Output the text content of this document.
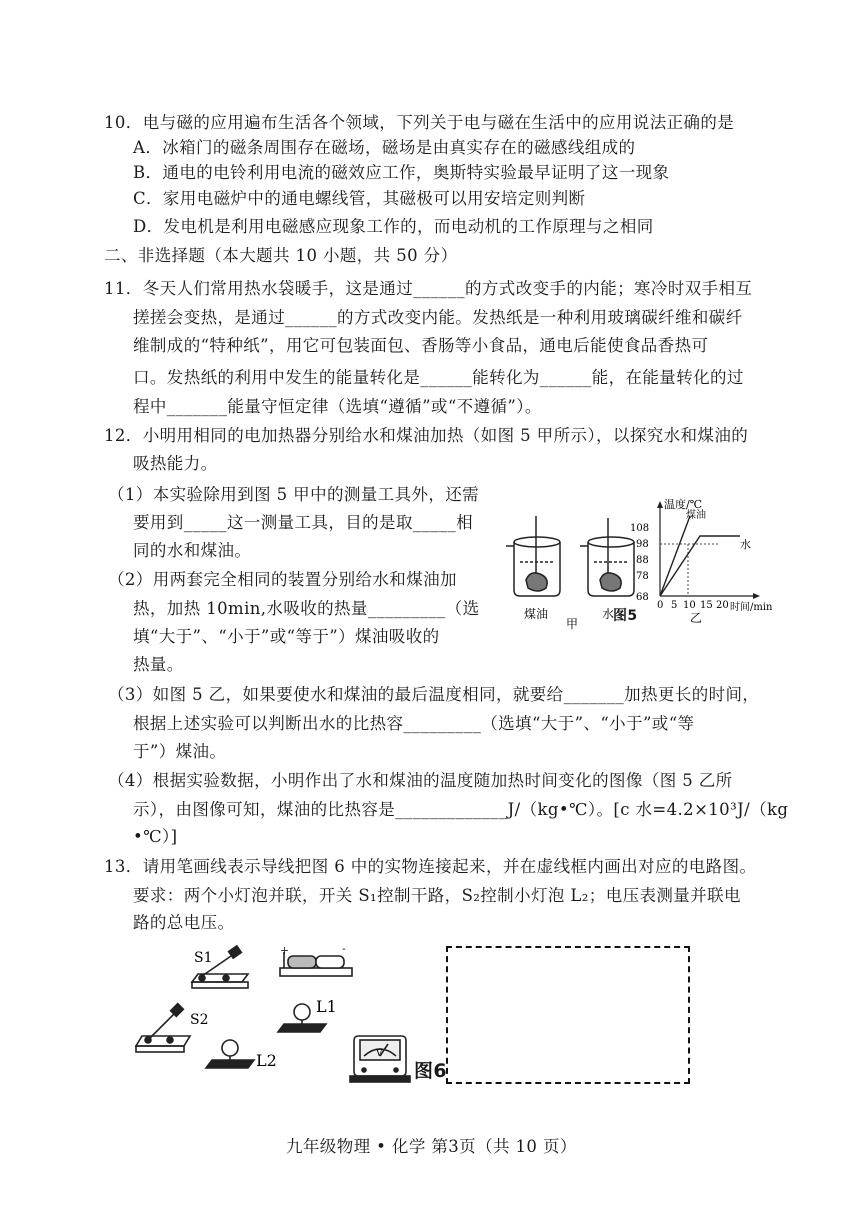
10．电与磁的应用遍布生活各个领域，下列关于电与磁在生活中的应用说法正确的是
A．冰箱门的磁条周围存在磁场，磁场是由真实存在的磁感线组成的
B．通电的电铃利用电流的磁效应工作，奥斯特实验最早证明了这一现象
C．家用电磁炉中的通电螺线管，其磁极可以用安培定则判断
D．发电机是利用电磁感应现象工作的，而电动机的工作原理与之相同
二、非选择题（本大题共 10 小题，共 50 分）
11．冬天人们常用热水袋暖手，这是通过______的方式改变手的内能；寒冷时双手相互
搓搓会变热，是通过______的方式改变内能。发热纸是一种利用玻璃碳纤维和碳纤
维制成的“特种纸”，用它可包装面包、香肠等小食品，通电后能使食品香热可
口。发热纸的利用中发生的能量转化是______能转化为______能，在能量转化的过
程中_______能量守恒定律（选填“遵循”或“不遵循”）。
12．小明用相同的电加热器分别给水和煤油加热（如图 5 甲所示），以探究水和煤油的
吸热能力。
（1）本实验除用到图 5 甲中的测量工具外，还需
要用到_____这一测量工具，目的是取_____相
同的水和煤油。
（2）用两套完全相同的装置分别给水和煤油加
热，加热 10min,水吸收的热量_________（选
填“大于”、“小于”或“等于”）煤油吸收的
热量。
（3）如图 5 乙，如果要使水和煤油的最后温度相同，就要给_______加热更长的时间，
根据上述实验可以判断出水的比热容_________（选填“大于”、“小于”或“等
于”）煤油。
（4）根据实验数据，小明作出了水和煤油的温度随加热时间变化的图像（图 5 乙所
示），由图像可知，煤油的比热容是_____________J/（kg•℃）。[c 水=4.2×10³J/（kg
•℃）]
13．请用笔画线表示导线把图 6 中的实物连接起来，并在虚线框内画出对应的电路图。
要求：两个小灯泡并联，开关 S₁控制干路，S₂控制小灯泡 L₂；电压表测量并联电
路的总电压。
煤油	水
甲 图5
温度/℃
时间/min
108
98
88
78
68
0 5 10 15 20
煤油
水
乙
S1	+	-
S2
L1
L2	V
图6
九年级物理 • 化学 第3页（共 10 页）
